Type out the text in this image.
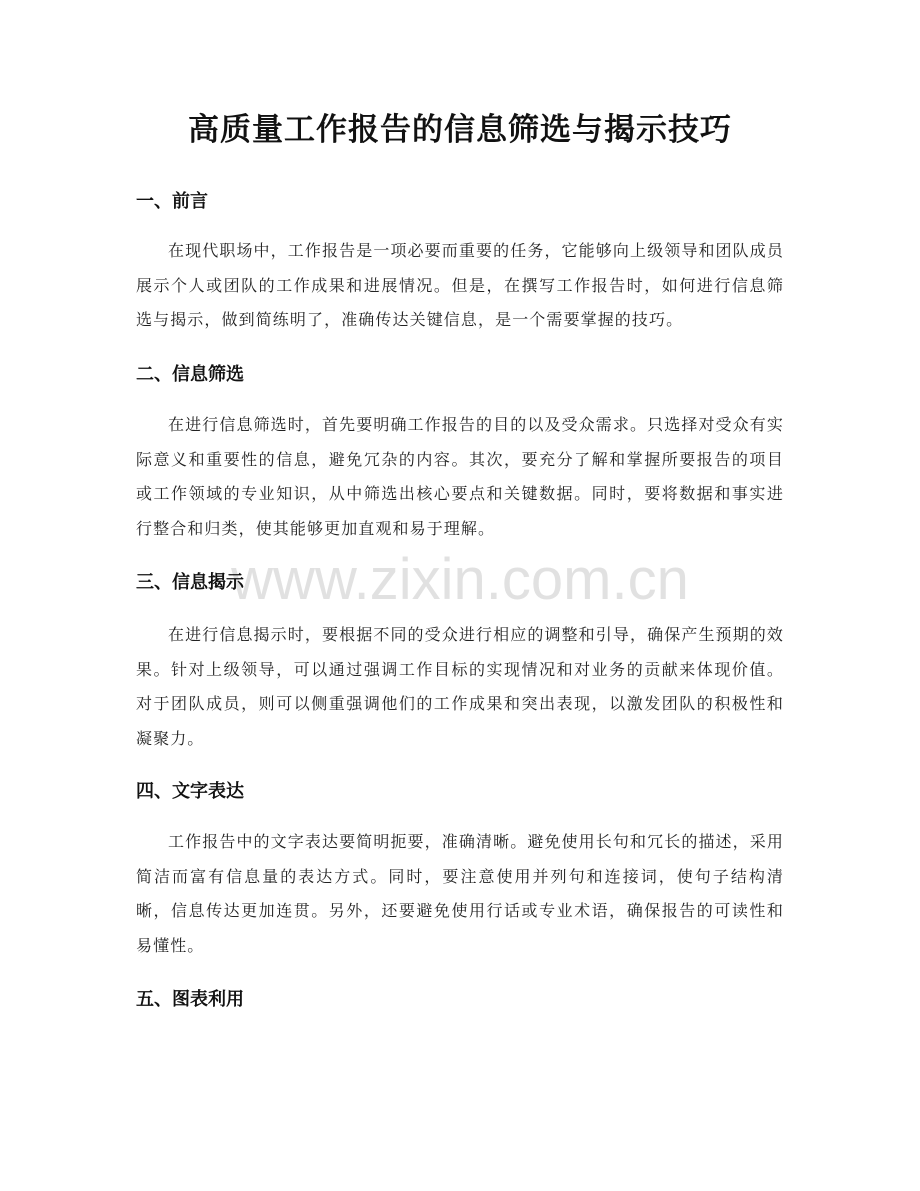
高质量工作报告的信息筛选与揭示技巧
www.zixin.com.cn
一、前言
在现代职场中，工作报告是一项必要而重要的任务，它能够向上级领导和团队成员展示个人或团队的工作成果和进展情况。但是，在撰写工作报告时，如何进行信息筛选与揭示，做到简练明了，准确传达关键信息，是一个需要掌握的技巧。
二、信息筛选
在进行信息筛选时，首先要明确工作报告的目的以及受众需求。只选择对受众有实际意义和重要性的信息，避免冗杂的内容。其次，要充分了解和掌握所要报告的项目或工作领域的专业知识，从中筛选出核心要点和关键数据。同时，要将数据和事实进行整合和归类，使其能够更加直观和易于理解。
三、信息揭示
在进行信息揭示时，要根据不同的受众进行相应的调整和引导，确保产生预期的效果。针对上级领导，可以通过强调工作目标的实现情况和对业务的贡献来体现价值。对于团队成员，则可以侧重强调他们的工作成果和突出表现，以激发团队的积极性和凝聚力。
四、文字表达
工作报告中的文字表达要简明扼要，准确清晰。避免使用长句和冗长的描述，采用简洁而富有信息量的表达方式。同时，要注意使用并列句和连接词，使句子结构清晰，信息传达更加连贯。另外，还要避免使用行话或专业术语，确保报告的可读性和易懂性。
五、图表利用
